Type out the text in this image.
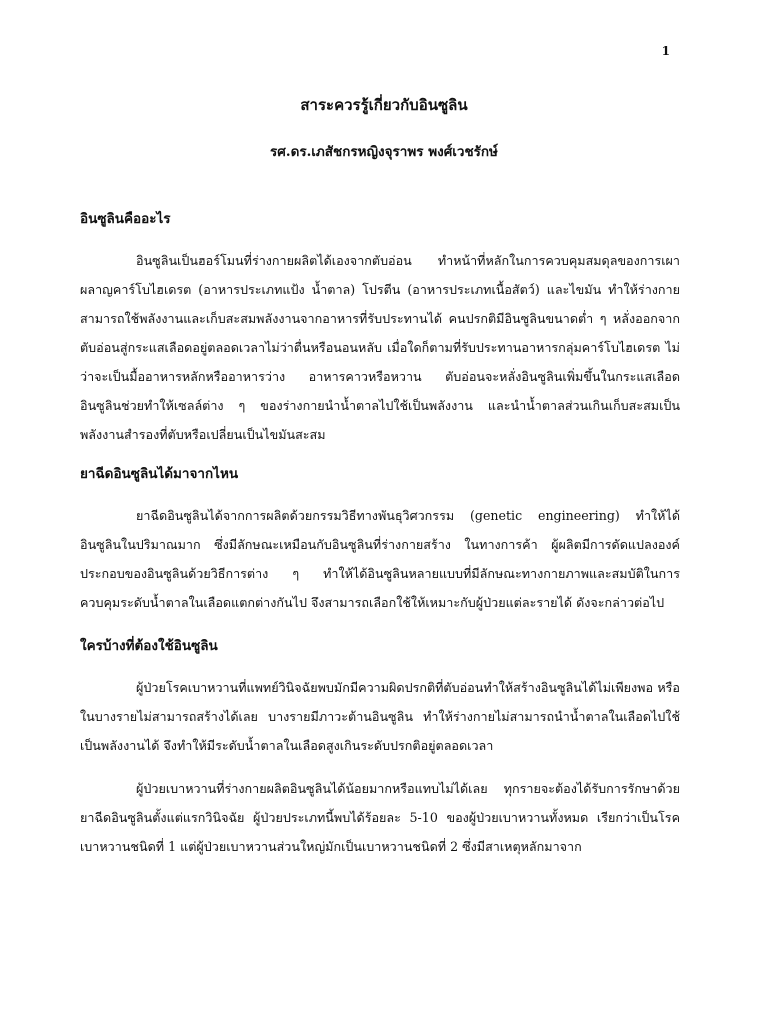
1
สาระควรรู้เกี่ยวกับอินซูลิน
รศ.ดร.เภสัชกรหญิงจุราพร พงศ์เวชรักษ์
อินซูลินคืออะไร

อินซูลินเป็นฮอร์โมนที่ร่างกายผลิตได้เองจากตับอ่อน ทำหน้าที่หลักในการควบคุมสมดุลของการเผาผลาญคาร์โบไฮเดรต (อาหารประเภทแป้ง น้ำตาล) โปรตีน (อาหารประเภทเนื้อสัตว์) และไขมัน ทำให้ร่างกายสามารถใช้พลังงานและเก็บสะสมพลังงานจากอาหารที่รับประทานได้ คนปรกติมีอินซูลินขนาดต่ำ ๆ หลั่งออกจากตับอ่อนสู่กระแสเลือดอยู่ตลอดเวลาไม่ว่าตื่นหรือนอนหลับ เมื่อใดก็ตามที่รับประทานอาหารกลุ่มคาร์โบไฮเดรต ไม่ว่าจะเป็นมื้ออาหารหลักหรืออาหารว่าง อาหารคาวหรือหวาน ตับอ่อนจะหลั่งอินซูลินเพิ่มขึ้นในกระแสเลือด อินซูลินช่วยทำให้เซลล์ต่าง ๆ ของร่างกายนำน้ำตาลไปใช้เป็นพลังงาน และนำน้ำตาลส่วนเกินเก็บสะสมเป็นพลังงานสำรองที่ตับหรือเปลี่ยนเป็นไขมันสะสม

ยาฉีดอินซูลินได้มาจากไหน

ยาฉีดอินซูลินได้จากการผลิตด้วยกรรมวิธีทางพันธุวิศวกรรม (genetic engineering) ทำให้ได้อินซูลินในปริมาณมาก ซึ่งมีลักษณะเหมือนกับอินซูลินที่ร่างกายสร้าง ในทางการค้า ผู้ผลิตมีการดัดแปลงองค์ประกอบของอินซูลินด้วยวิธีการต่าง ๆ ทำให้ได้อินซูลินหลายแบบที่มีลักษณะทางกายภาพและสมบัติในการควบคุมระดับน้ำตาลในเลือดแตกต่างกันไป จึงสามารถเลือกใช้ให้เหมาะกับผู้ป่วยแต่ละรายได้ ดังจะกล่าวต่อไป

ใครบ้างที่ต้องใช้อินซูลิน

ผู้ป่วยโรคเบาหวานที่แพทย์วินิจฉัยพบมักมีความผิดปรกติที่ตับอ่อนทำให้สร้างอินซูลินได้ไม่เพียงพอ หรือในบางรายไม่สามารถสร้างได้เลย บางรายมีภาวะต้านอินซูลิน ทำให้ร่างกายไม่สามารถนำน้ำตาลในเลือดไปใช้เป็นพลังงานได้ จึงทำให้มีระดับน้ำตาลในเลือดสูงเกินระดับปรกติอยู่ตลอดเวลา

ผู้ป่วยเบาหวานที่ร่างกายผลิตอินซูลินได้น้อยมากหรือแทบไม่ได้เลย ทุกรายจะต้องได้รับการรักษาด้วยยาฉีดอินซูลินตั้งแต่แรกวินิจฉัย ผู้ป่วยประเภทนี้พบได้ร้อยละ 5-10 ของผู้ป่วยเบาหวานทั้งหมด เรียกว่าเป็นโรคเบาหวานชนิดที่ 1 แต่ผู้ป่วยเบาหวานส่วนใหญ่มักเป็นเบาหวานชนิดที่ 2 ซึ่งมีสาเหตุหลักมาจาก
